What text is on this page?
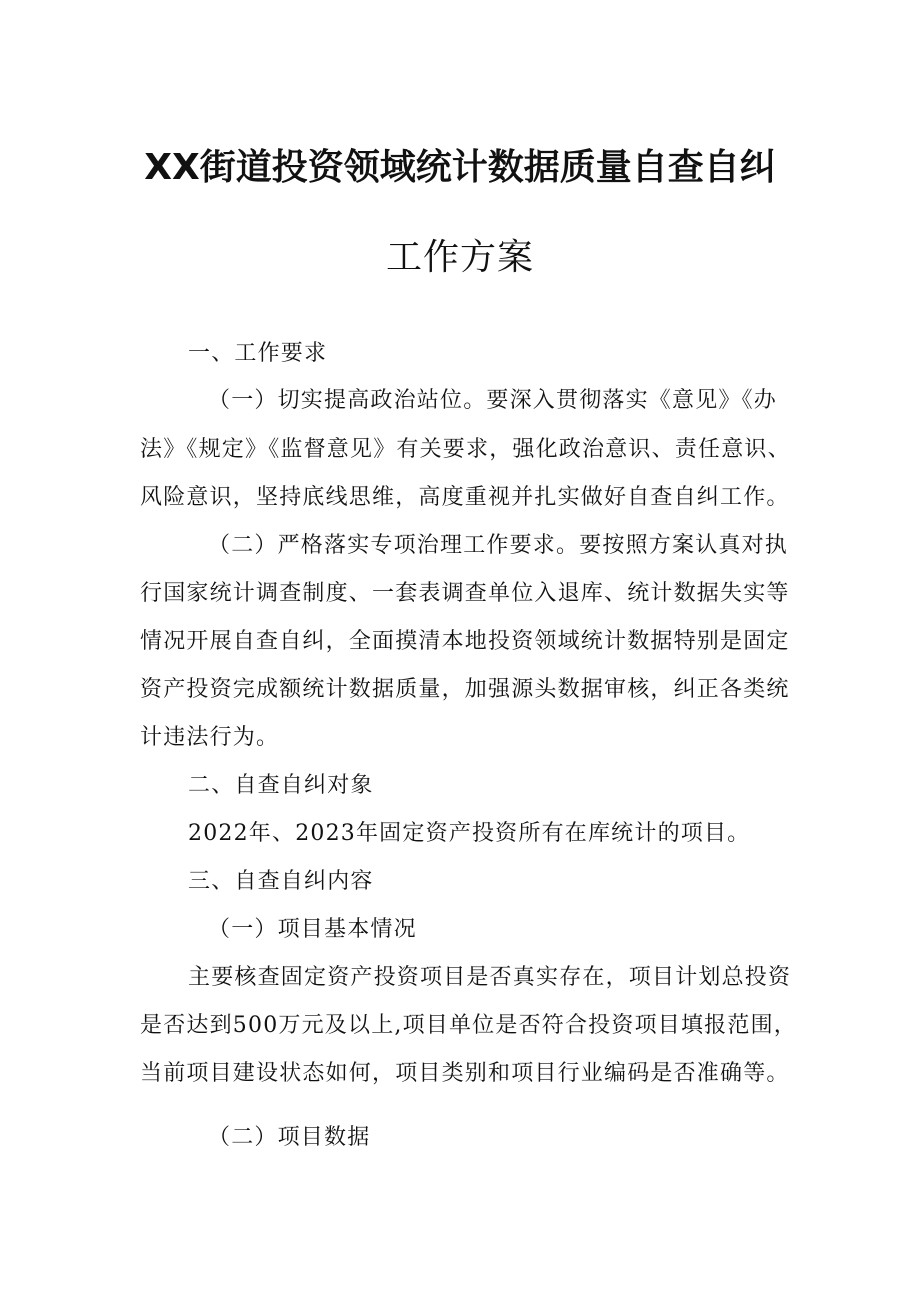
XX街道投资领域统计数据质量自查自纠
工作方案
一、工作要求
（一）切实提高政治站位。要深入贯彻落实《意见》《办
法》《规定》《监督意见》有关要求，强化政治意识、责任意识、
风险意识，坚持底线思维，高度重视并扎实做好自查自纠工作。
（二）严格落实专项治理工作要求。要按照方案认真对执
行国家统计调查制度、一套表调查单位入退库、统计数据失实等
情况开展自查自纠，全面摸清本地投资领域统计数据特别是固定
资产投资完成额统计数据质量，加强源头数据审核，纠正各类统
计违法行为。
二、自查自纠对象
2022年、2023年固定资产投资所有在库统计的项目。
三、自查自纠内容
（一）项目基本情况
主要核查固定资产投资项目是否真实存在，项目计划总投资
是否达到500万元及以上,项目单位是否符合投资项目填报范围，
当前项目建设状态如何，项目类别和项目行业编码是否准确等。
（二）项目数据
